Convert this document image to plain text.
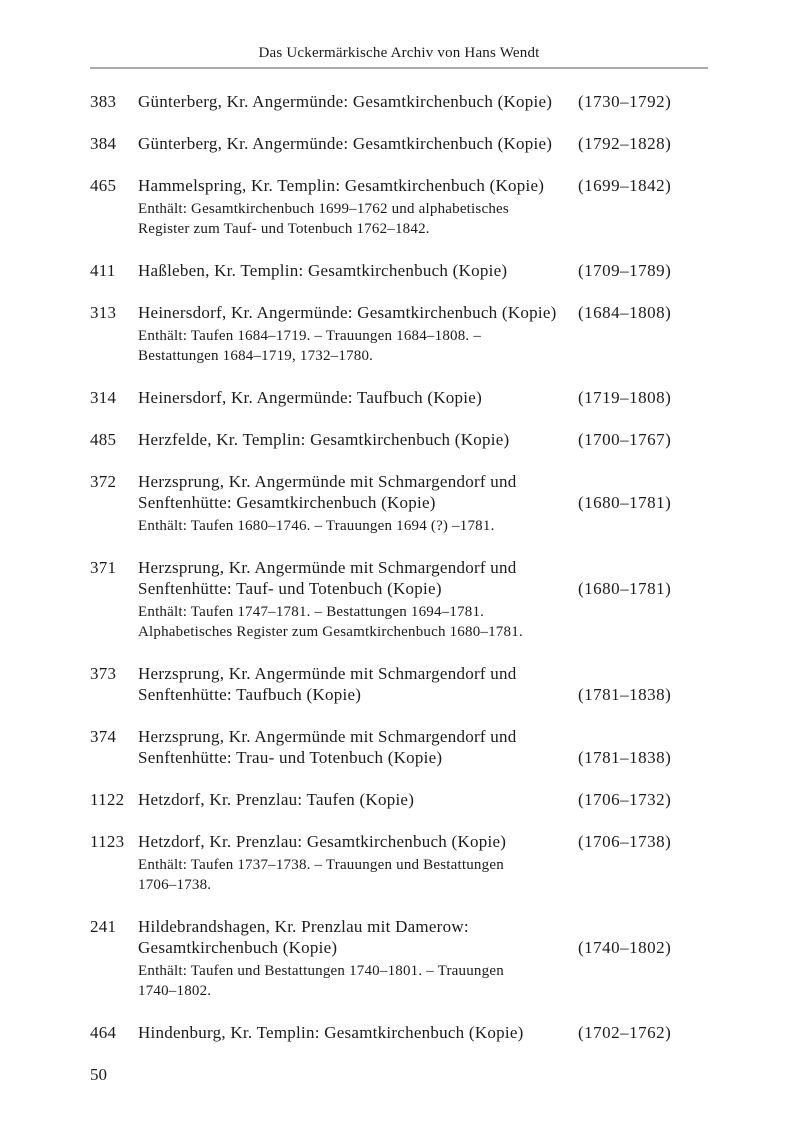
Das Uckermärkische Archiv von Hans Wendt
383	Günterberg, Kr. Angermünde: Gesamtkirchenbuch (Kopie)	(1730–1792)
384	Günterberg, Kr. Angermünde: Gesamtkirchenbuch (Kopie)	(1792–1828)
465	Hammelspring, Kr. Templin: Gesamtkirchenbuch (Kopie)	(1699–1842)
Enthält: Gesamtkirchenbuch 1699–1762 und alphabetisches
Register zum Tauf- und Totenbuch 1762–1842.
411	Haßleben, Kr. Templin: Gesamtkirchenbuch (Kopie)	(1709–1789)
313	Heinersdorf, Kr. Angermünde: Gesamtkirchenbuch (Kopie)	(1684–1808)
Enthält: Taufen 1684–1719. – Trauungen 1684–1808. –
Bestattungen 1684–1719, 1732–1780.
314	Heinersdorf, Kr. Angermünde: Taufbuch (Kopie)	(1719–1808)
485	Herzfelde, Kr. Templin: Gesamtkirchenbuch (Kopie)	(1700–1767)
372	Herzsprung, Kr. Angermünde mit Schmargendorf und
Senftenhütte: Gesamtkirchenbuch (Kopie)	(1680–1781)
Enthält: Taufen 1680–1746. – Trauungen 1694 (?) –1781.
371	Herzsprung, Kr. Angermünde mit Schmargendorf und
Senftenhütte: Tauf- und Totenbuch (Kopie)	(1680–1781)
Enthält: Taufen 1747–1781. – Bestattungen 1694–1781.
Alphabetisches Register zum Gesamtkirchenbuch 1680–1781.
373	Herzsprung, Kr. Angermünde mit Schmargendorf und
Senftenhütte: Taufbuch (Kopie)	(1781–1838)
374	Herzsprung, Kr. Angermünde mit Schmargendorf und
Senftenhütte: Trau- und Totenbuch (Kopie)	(1781–1838)
1122 Hetzdorf, Kr. Prenzlau: Taufen (Kopie)	(1706–1732)
1123 Hetzdorf, Kr. Prenzlau: Gesamtkirchenbuch (Kopie)	(1706–1738)
Enthält: Taufen 1737–1738. – Trauungen und Bestattungen
1706–1738.
241	Hildebrandshagen, Kr. Prenzlau mit Damerow:
Gesamtkirchenbuch (Kopie)	(1740–1802)
Enthält: Taufen und Bestattungen 1740–1801. – Trauungen
1740–1802.
464	Hindenburg, Kr. Templin: Gesamtkirchenbuch (Kopie)	(1702–1762)
50
